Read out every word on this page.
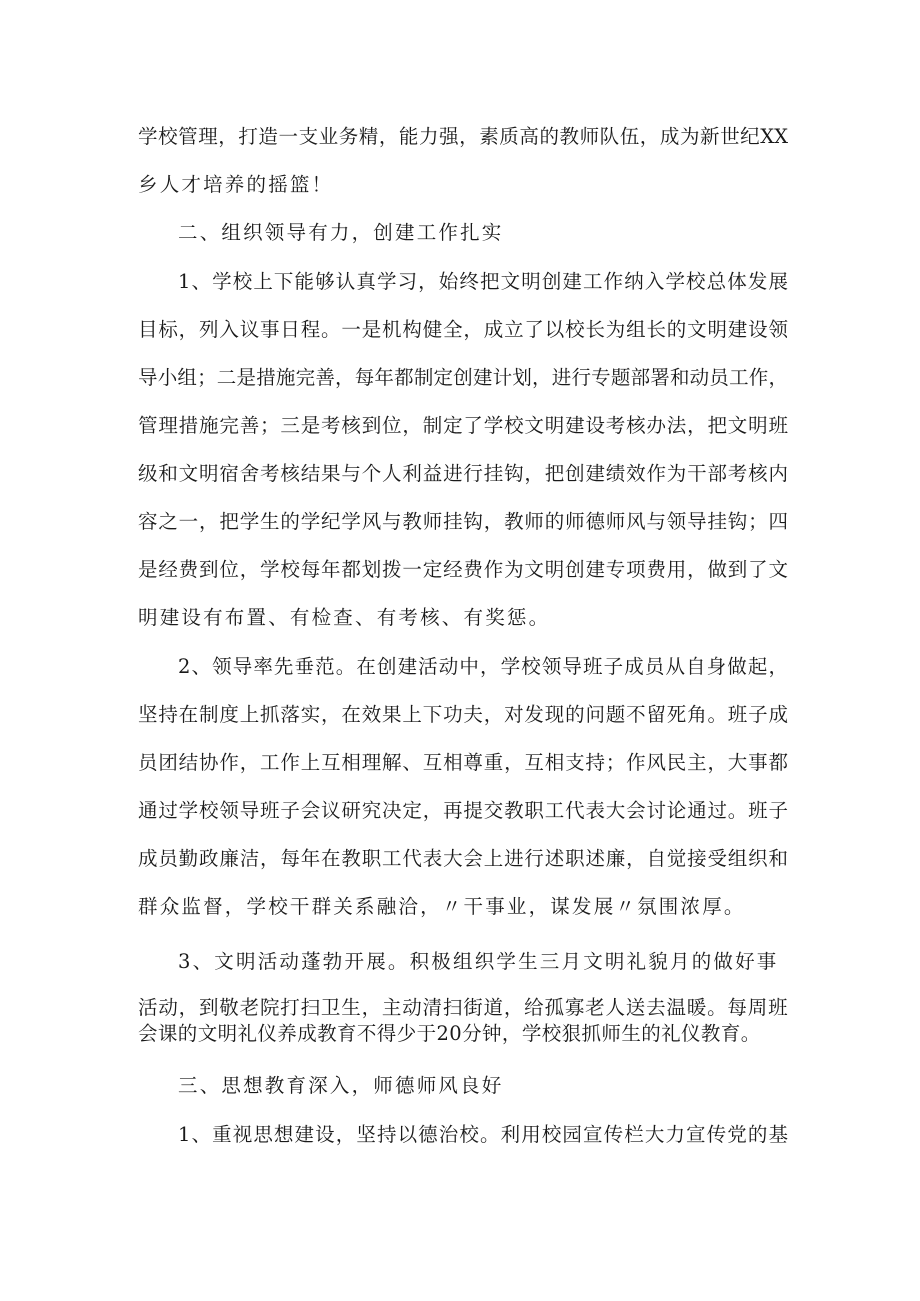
学校管理，打造一支业务精，能力强，素质高的教师队伍，成为新世纪XX
乡人才培养的摇篮！
二、组织领导有力，创建工作扎实
1、学校上下能够认真学习，始终把文明创建工作纳入学校总体发展
目标，列入议事日程。一是机构健全，成立了以校长为组长的文明建设领
导小组；二是措施完善，每年都制定创建计划，进行专题部署和动员工作，
管理措施完善；三是考核到位，制定了学校文明建设考核办法，把文明班
级和文明宿舍考核结果与个人利益进行挂钩，把创建绩效作为干部考核内
容之一，把学生的学纪学风与教师挂钩，教师的师德师风与领导挂钩；四
是经费到位，学校每年都划拨一定经费作为文明创建专项费用，做到了文
明建设有布置、有检查、有考核、有奖惩。
2、领导率先垂范。在创建活动中，学校领导班子成员从自身做起，
坚持在制度上抓落实，在效果上下功夫，对发现的问题不留死角。班子成
员团结协作，工作上互相理解、互相尊重，互相支持；作风民主，大事都
通过学校领导班子会议研究决定，再提交教职工代表大会讨论通过。班子
成员勤政廉洁，每年在教职工代表大会上进行述职述廉，自觉接受组织和
群众监督，学校干群关系融洽，〃干事业，谋发展〃氛围浓厚。
3、文明活动蓬勃开展。积极组织学生三月文明礼貌月的做好事
活动，到敬老院打扫卫生，主动清扫街道，给孤寡老人送去温暖。每周班
会课的文明礼仪养成教育不得少于20分钟，学校狠抓师生的礼仪教育。
三、思想教育深入，师德师风良好
1、重视思想建设，坚持以德治校。利用校园宣传栏大力宣传党的基
